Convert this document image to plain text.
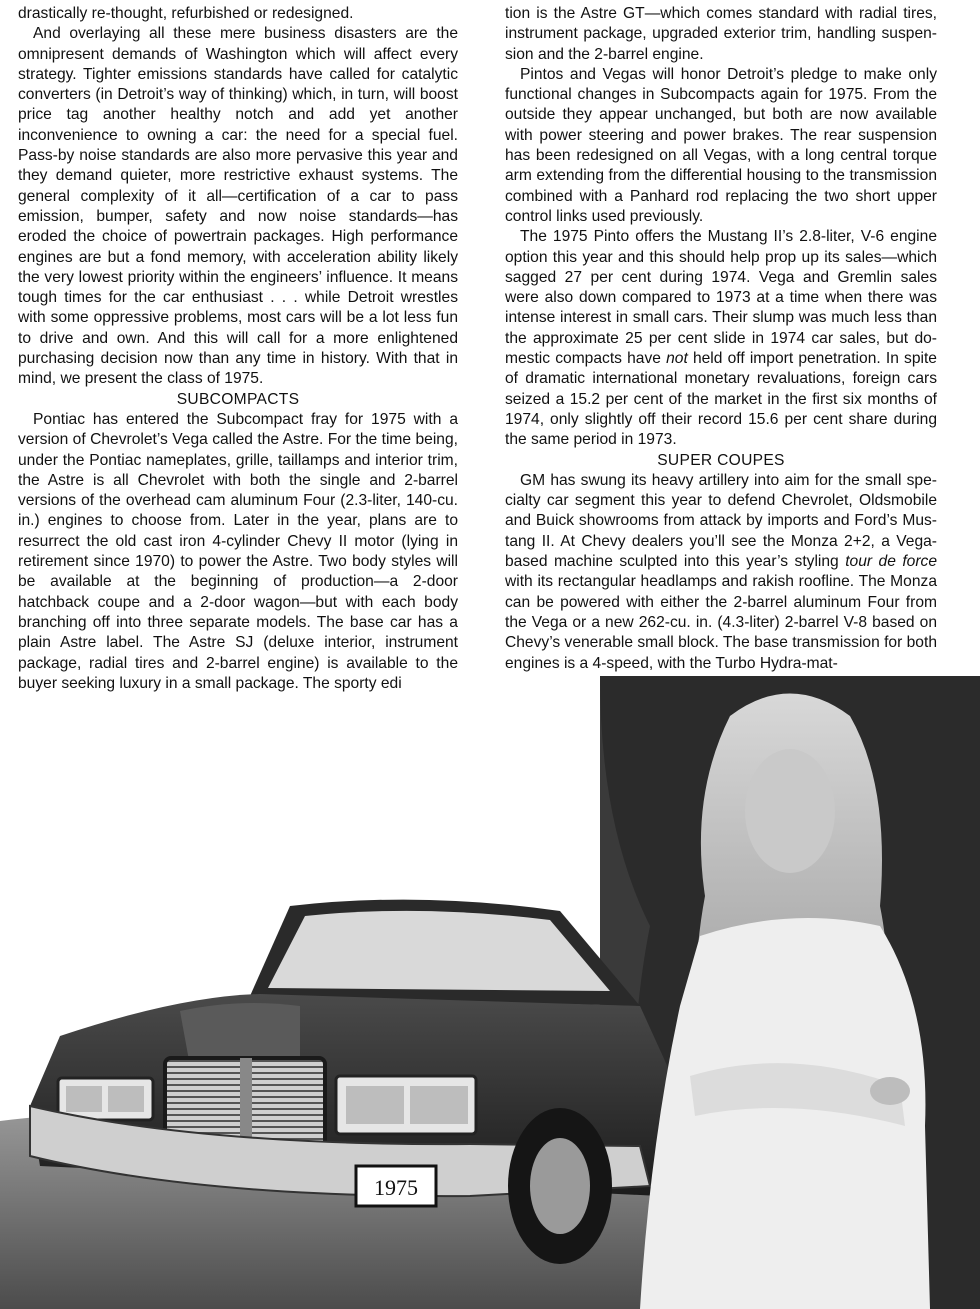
drastically re-thought, refurbished or redesigned.

And overlaying all these mere business disasters are the omnipresent demands of Washington which will affect every strategy. Tighter emissions standards have called for catalytic converters (in Detroit’s way of thinking) which, in turn, will boost price tag another healthy notch and add yet another inconvenience to owning a car: the need for a special fuel. Pass-by noise standards are also more pervasive this year and they demand quieter, more restrictive exhaust systems. The general complexity of it all—certification of a car to pass emission, bumper, safety and now noise standards—has eroded the choice of powertrain packages. High performance engines are but a fond memory, with acceleration ability likely the very lowest priority within the engineers’ influence. It means tough times for the car enthusiast . . . while Detroit wrestles with some oppressive problems, most cars will be a lot less fun to drive and own. And this will call for a more enlightened purchasing decision now than any time in history. With that in mind, we present the class of 1975.

SUBCOMPACTS

Pontiac has entered the Subcompact fray for 1975 with a version of Chevrolet’s Vega called the Astre. For the time being, under the Pontiac nameplates, grille, taillamps and interior trim, the Astre is all Chevrolet with both the single and 2-barrel versions of the overhead cam aluminum Four (2.3-liter, 140-cu. in.) engines to choose from. Later in the year, plans are to resurrect the old cast iron 4-cylinder Chevy II motor (lying in retirement since 1970) to power the Astre. Two body styles will be available at the beginning of production—a 2-door hatchback coupe and a 2-door wagon—but with each body branching off into three separate models. The base car has a plain Astre label. The Astre SJ (deluxe interior, instrument package, radial tires and 2-barrel engine) is available to the buyer seeking luxury in a small package. The sporty edi

tion is the Astre GT—which comes standard with radial tires, instrument package, upgraded exterior trim, handling suspension and the 2-barrel engine.

Pintos and Vegas will honor Detroit’s pledge to make only functional changes in Subcompacts again for 1975. From the outside they appear unchanged, but both are now available with power steering and power brakes. The rear suspension has been redesigned on all Vegas, with a long central torque arm extending from the differential housing to the transmission combined with a Panhard rod replacing the two short upper control links used previously.

The 1975 Pinto offers the Mustang II’s 2.8-liter, V-6 engine option this year and this should help prop up its sales—which sagged 27 per cent during 1974. Vega and Gremlin sales were also down compared to 1973 at a time when there was intense interest in small cars. Their slump was much less than the approximate 25 per cent slide in 1974 car sales, but domestic compacts have not held off import penetration. In spite of dramatic international monetary revaluations, foreign cars seized a 15.2 per cent of the market in the first six months of 1974, only slightly off their record 15.6 per cent share during the same period in 1973.

SUPER COUPES

GM has swung its heavy artillery into aim for the small specialty car segment this year to defend Chevrolet, Oldsmobile and Buick showrooms from attack by imports and Ford’s Mustang II. At Chevy dealers you’ll see the Monza 2+2, a Vega-based machine sculpted into this year’s styling tour de force with its rectangular headlamps and rakish roofline. The Monza can be powered with either the 2-barrel aluminum Four from the Vega or a new 262-cu. in. (4.3-liter) 2-barrel V-8 based on Chevy’s venerable small block. The base transmission for both engines is a 4-speed, with the Turbo Hydra-mat-

1975
